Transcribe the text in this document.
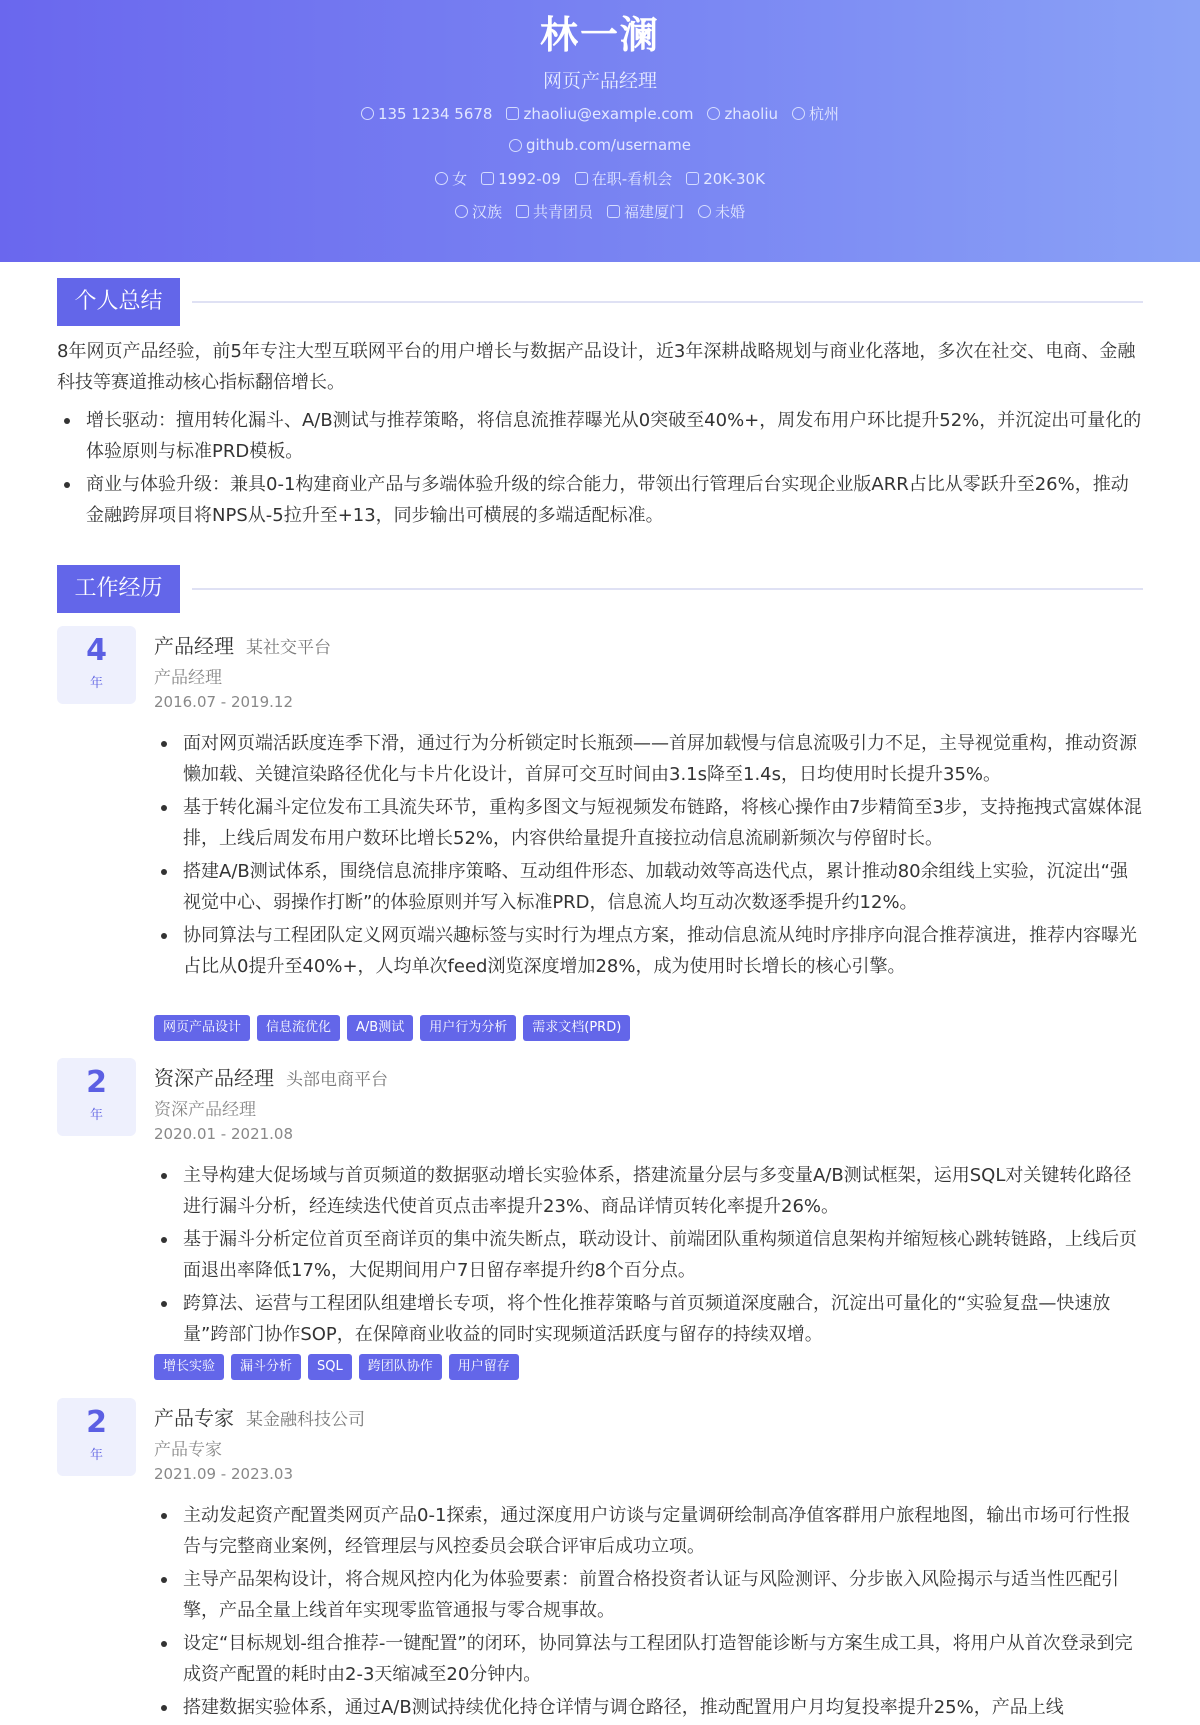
林一澜
网页产品经理
135 1234 5678 zhaoliu@example.com zhaoliu 杭州
github.com/username
女 1992-09 在职-看机会 20K-30K
汉族 共青团员 福建厦门 未婚
个人总结
8年网页产品经验，前5年专注大型互联网平台的用户增长与数据产品设计，近3年深耕战略规划与商业化落地，多次在社交、电商、金融科技等赛道推动核心指标翻倍增长。
增长驱动：擅用转化漏斗、A/B测试与推荐策略，将信息流推荐曝光从0突破至40%+，周发布用户环比提升52%，并沉淀出可量化的体验原则与标准PRD模板。
商业与体验升级：兼具0-1构建商业产品与多端体验升级的综合能力，带领出行管理后台实现企业版ARR占比从零跃升至26%，推动金融跨屏项目将NPS从-5拉升至+13，同步输出可横展的多端适配标准。
工作经历
4
年
产品经理 某社交平台
产品经理
2016.07 - 2019.12
面对网页端活跃度连季下滑，通过行为分析锁定时长瓶颈——首屏加载慢与信息流吸引力不足，主导视觉重构，推动资源懒加载、关键渲染路径优化与卡片化设计，首屏可交互时间由3.1s降至1.4s，日均使用时长提升35%。
基于转化漏斗定位发布工具流失环节，重构多图文与短视频发布链路，将核心操作由7步精简至3步，支持拖拽式富媒体混排，上线后周发布用户数环比增长52%，内容供给量提升直接拉动信息流刷新频次与停留时长。
搭建A/B测试体系，围绕信息流排序策略、互动组件形态、加载动效等高迭代点，累计推动80余组线上实验，沉淀出“强视觉中心、弱操作打断”的体验原则并写入标准PRD，信息流人均互动次数逐季提升约12%。
协同算法与工程团队定义网页端兴趣标签与实时行为埋点方案，推动信息流从纯时序排序向混合推荐演进，推荐内容曝光占比从0提升至40%+，人均单次feed浏览深度增加28%，成为使用时长增长的核心引擎。
网页产品设计	信息流优化	A/B测试	用户行为分析	需求文档(PRD)
2
年
资深产品经理 头部电商平台
资深产品经理
2020.01 - 2021.08
主导构建大促场域与首页频道的数据驱动增长实验体系，搭建流量分层与多变量A/B测试框架，运用SQL对关键转化路径进行漏斗分析，经连续迭代使首页点击率提升23%、商品详情页转化率提升26%。
基于漏斗分析定位首页至商详页的集中流失断点，联动设计、前端团队重构频道信息架构并缩短核心跳转链路，上线后页面退出率降低17%，大促期间用户7日留存率提升约8个百分点。
跨算法、运营与工程团队组建增长专项，将个性化推荐策略与首页频道深度融合，沉淀出可量化的“实验复盘—快速放量”跨部门协作SOP，在保障商业收益的同时实现频道活跃度与留存的持续双增。
增长实验	漏斗分析	SQL	跨团队协作	用户留存
2
年
产品专家 某金融科技公司
产品专家
2021.09 - 2023.03
主动发起资产配置类网页产品0-1探索，通过深度用户访谈与定量调研绘制高净值客群用户旅程地图，输出市场可行性报告与完整商业案例，经管理层与风控委员会联合评审后成功立项。
主导产品架构设计，将合规风控内化为体验要素：前置合格投资者认证与风险测评、分步嵌入风险揭示与适当性匹配引擎，产品全量上线首年实现零监管通报与零合规事故。
设定“目标规划-组合推荐-一键配置”的闭环，协同算法与工程团队打造智能诊断与方案生成工具，将用户从首次登录到完成资产配置的耗时由2-3天缩减至20分钟内。
搭建数据实验体系，通过A/B测试持续优化持仓详情与调仓路径，推动配置用户月均复投率提升25%，产品上线
